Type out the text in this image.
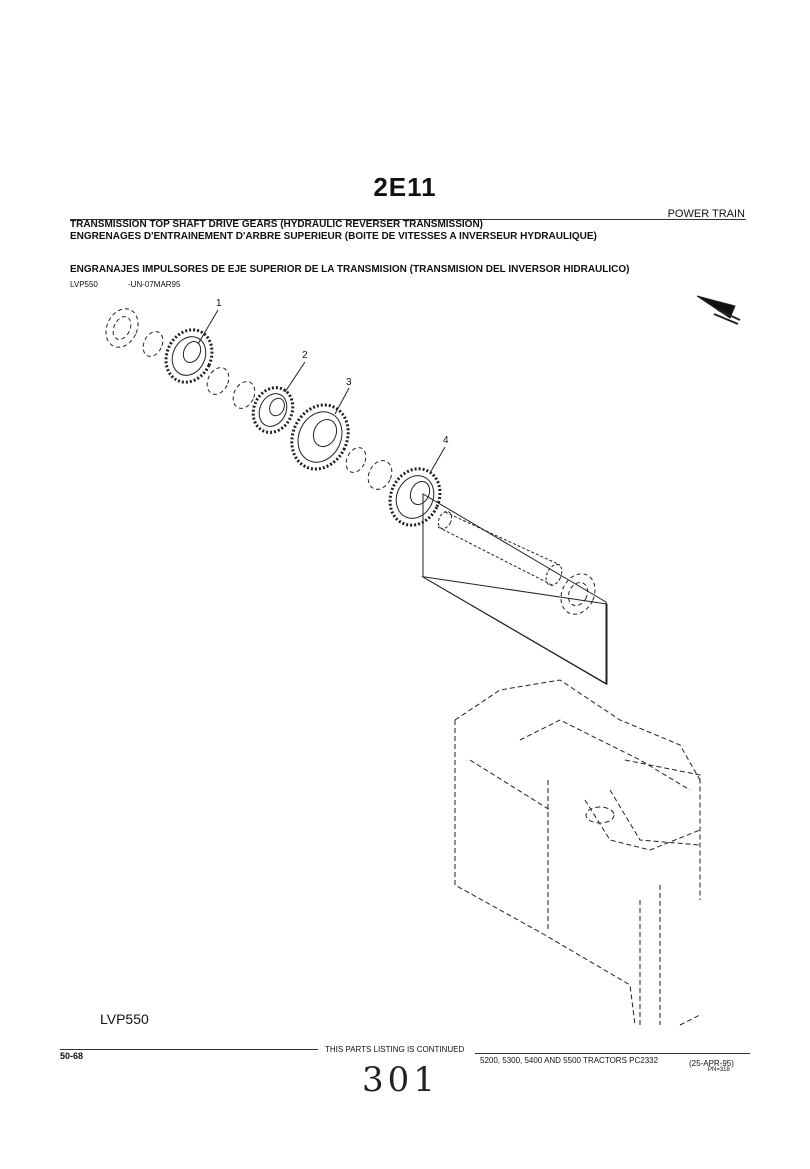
2E11
POWER TRAIN
TRANSMISSION TOP SHAFT DRIVE GEARS (HYDRAULIC REVERSER TRANSMISSION)
ENGRENAGES D'ENTRAINEMENT D'ARBRE SUPERIEUR (BOITE DE VITESSES A INVERSEUR HYDRAULIQUE)
ENGRANAJES IMPULSORES DE EJE SUPERIOR DE LA TRANSMISION (TRANSMISION DEL INVERSOR HIDRAULICO)
LVP550	-UN-07MAR95
1
2
3
4
LVP550
50-68
THIS PARTS LISTING IS CONTINUED
5200, 5300, 5400 AND 5500 TRACTORS PC2332	(25-APR-95)
PN=318
301
